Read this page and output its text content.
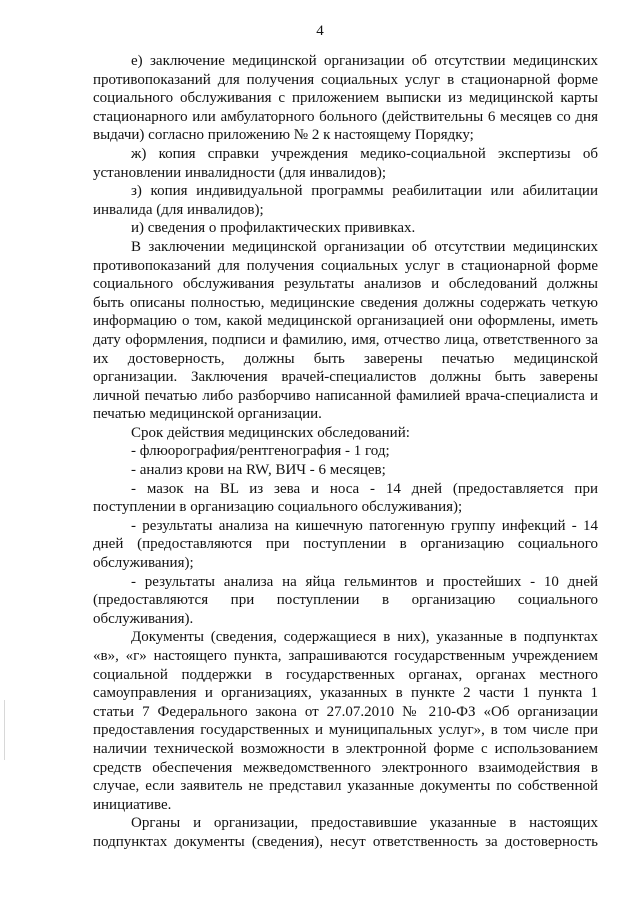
4
е) заключение медицинской организации об отсутствии медицинских
противопоказаний для получения социальных услуг в стационарной форме
социального обслуживания с приложением выписки из медицинской карты
стационарного или амбулаторного больного (действительны 6 месяцев со дня
выдачи) согласно приложению № 2 к настоящему Порядку;
ж) копия справки учреждения медико-социальной экспертизы об
установлении инвалидности (для инвалидов);
з) копия индивидуальной программы реабилитации или абилитации
инвалида (для инвалидов);
и) сведения о профилактических прививках.
В заключении медицинской организации об отсутствии медицинских
противопоказаний для получения социальных услуг в стационарной форме
социального обслуживания результаты анализов и обследований должны
быть описаны полностью, медицинские сведения должны содержать четкую
информацию о том, какой медицинской организацией они оформлены, иметь
дату оформления, подписи и фамилию, имя, отчество лица, ответственного за
их достоверность, должны быть заверены печатью медицинской
организации. Заключения врачей-специалистов должны быть заверены
личной печатью либо разборчиво написанной фамилией врача-специалиста и
печатью медицинской организации.
Срок действия медицинских обследований:
- флюорография/рентгенография - 1 год;
- анализ крови на RW, ВИЧ - 6 месяцев;
- мазок на BL из зева и носа - 14 дней (предоставляется при
поступлении в организацию социального обслуживания);
- результаты анализа на кишечную патогенную группу инфекций - 14
дней (предоставляются при поступлении в организацию социального
обслуживания);
- результаты анализа на яйца гельминтов и простейших - 10 дней
(предоставляются при поступлении в организацию социального
обслуживания).
Документы (сведения, содержащиеся в них), указанные в подпунктах
«в», «г» настоящего пункта, запрашиваются государственным учреждением
социальной поддержки в государственных органах, органах местного
самоуправления и организациях, указанных в пункте 2 части 1 пункта 1
статьи 7 Федерального закона от 27.07.2010 № 210-ФЗ «Об организации
предоставления государственных и муниципальных услуг», в том числе при
наличии технической возможности в электронной форме с использованием
средств обеспечения межведомственного электронного взаимодействия в
случае, если заявитель не представил указанные документы по собственной
инициативе.
Органы и организации, предоставившие указанные в настоящих
подпунктах документы (сведения), несут ответственность за достоверность
